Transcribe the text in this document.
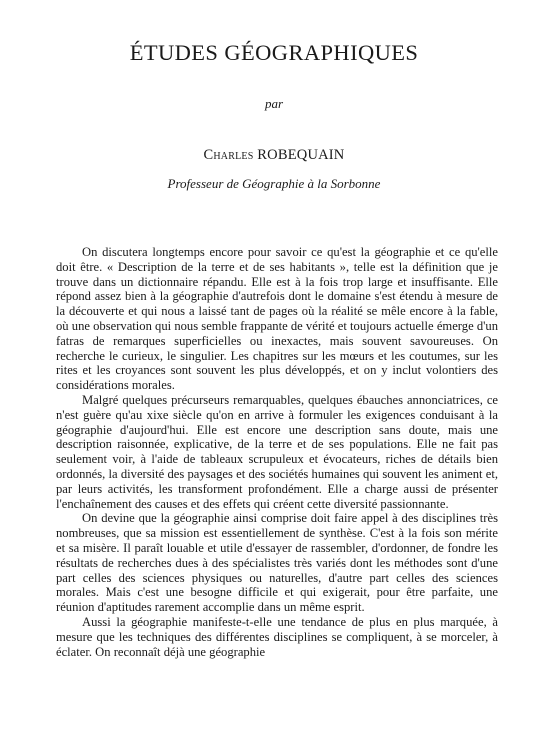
ÉTUDES GÉOGRAPHIQUES
par
Charles ROBEQUAIN
Professeur de Géographie à la Sorbonne

On discutera longtemps encore pour savoir ce qu'est la géographie et ce qu'elle doit être. « Description de la terre et de ses habitants », telle est la définition que je trouve dans un dictionnaire répandu. Elle est à la fois trop large et insuffisante. Elle répond assez bien à la géographie d'autrefois dont le domaine s'est étendu à mesure de la découverte et qui nous a laissé tant de pages où la réalité se mêle encore à la fable, où une observation qui nous semble frappante de vérité et toujours actuelle émerge d'un fatras de remarques superficielles ou inexactes, mais souvent savoureuses. On recherche le curieux, le singulier. Les chapitres sur les mœurs et les coutumes, sur les rites et les croyances sont souvent les plus développés, et on y inclut volontiers des considérations morales.

Malgré quelques précurseurs remarquables, quelques ébauches annonciatrices, ce n'est guère qu'au xixe siècle qu'on en arrive à formuler les exigences conduisant à la géographie d'aujourd'hui. Elle est encore une description sans doute, mais une description raisonnée, explicative, de la terre et de ses populations. Elle ne fait pas seulement voir, à l'aide de tableaux scrupuleux et évocateurs, riches de détails bien ordonnés, la diversité des paysages et des sociétés humaines qui souvent les animent et, par leurs activités, les transforment profondément. Elle a charge aussi de présenter l'enchaînement des causes et des effets qui créent cette diversité passionnante.

On devine que la géographie ainsi comprise doit faire appel à des disciplines très nombreuses, que sa mission est essentiellement de synthèse. C'est à la fois son mérite et sa misère. Il paraît louable et utile d'essayer de rassembler, d'ordonner, de fondre les résultats de recherches dues à des spécialistes très variés dont les méthodes sont d'une part celles des sciences physiques ou naturelles, d'autre part celles des sciences morales. Mais c'est une besogne difficile et qui exigerait, pour être parfaite, une réunion d'aptitudes rarement accomplie dans un même esprit.

Aussi la géographie manifeste-t-elle une tendance de plus en plus marquée, à mesure que les techniques des différentes disciplines se compliquent, à se morceler, à éclater. On reconnaît déjà une géographie
